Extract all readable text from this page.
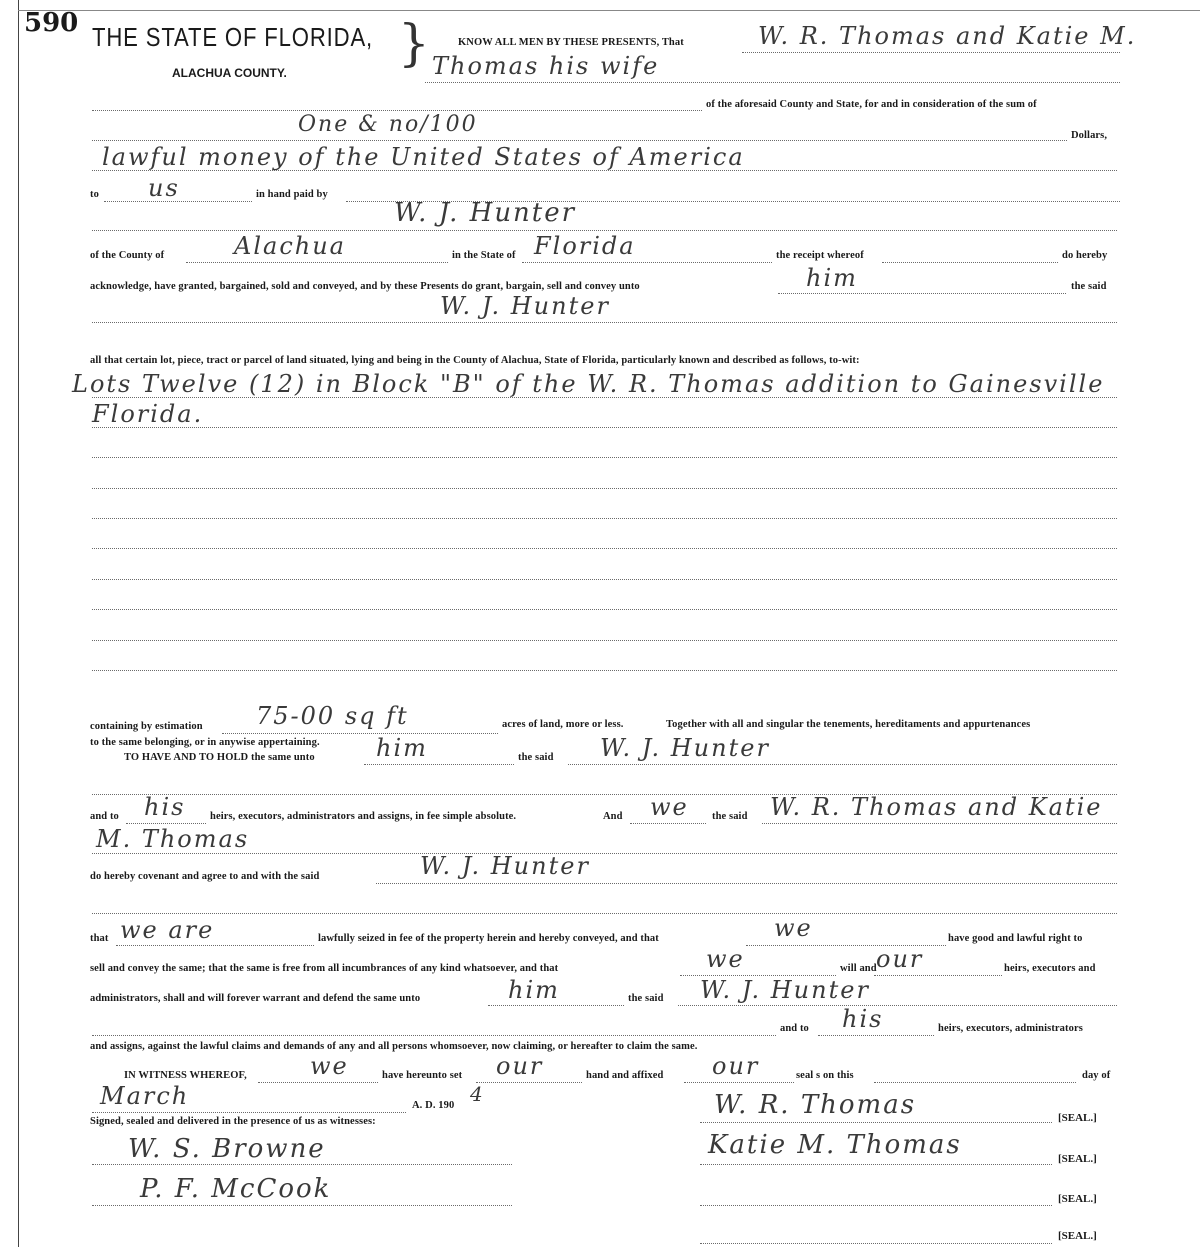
590 THE STATE OF FLORIDA,
ALACHUA COUNTY.
}	KNOW ALL MEN BY THESE PRESENTS, That	W. R. Thomas and Katie M.
Thomas his wife
of the aforesaid County and State, for and in consideration of the sum of
One & no/100	Dollars,
lawful money of the United States of America
to us	in hand paid by
W. J. Hunter
of the County of	Alachua	in the State of Florida	the receipt whereof	do hereby
acknowledge, have granted, bargained, sold and conveyed, and by these Presents do grant, bargain, sell and convey unto	him	the said
W. J. Hunter
all that certain lot, piece, tract or parcel of land situated, lying and being in the County of Alachua, State of Florida, particularly known and described as follows, to-wit:
Lots Twelve (12) in Block "B" of the W. R. Thomas addition to Gainesville
Florida.
containing by estimation 75-00 sq ft	acres of land, more or less.	Together with all and singular the tenements, hereditaments and appurtenances
to the same belonging, or in anywise appertaining.
TO HAVE AND TO HOLD the same unto	him	the said W. J. Hunter
and to his heirs, executors, administrators and assigns, in fee simple absolute.	And we the said W. R. Thomas and Katie
M. Thomas
do hereby covenant and agree to and with the said	W. J. Hunter
that we are	lawfully seized in fee of the property herein and hereby conveyed, and that	we	have good and lawful right to
sell and convey the same; that the same is free from all incumbrances of any kind whatsoever, and that	we	will and our	heirs, executors and
administrators, shall and will forever warrant and defend the same unto	him	the said W. J. Hunter
and to his	heirs, executors, administrators
and assigns, against the lawful claims and demands of any and all persons whomsoever, now claiming, or hereafter to claim the same.
IN WITNESS WHEREOF,	we	have hereunto set our	hand and affixed our	seal s on this	day of
March	A. D. 190 4
Signed, sealed and delivered in the presence of us as witnesses:
W. R. Thomas	[SEAL.]
Katie M. Thomas	[SEAL.]
[SEAL.]
[SEAL.]
W. S. Browne
P. F. McCook
